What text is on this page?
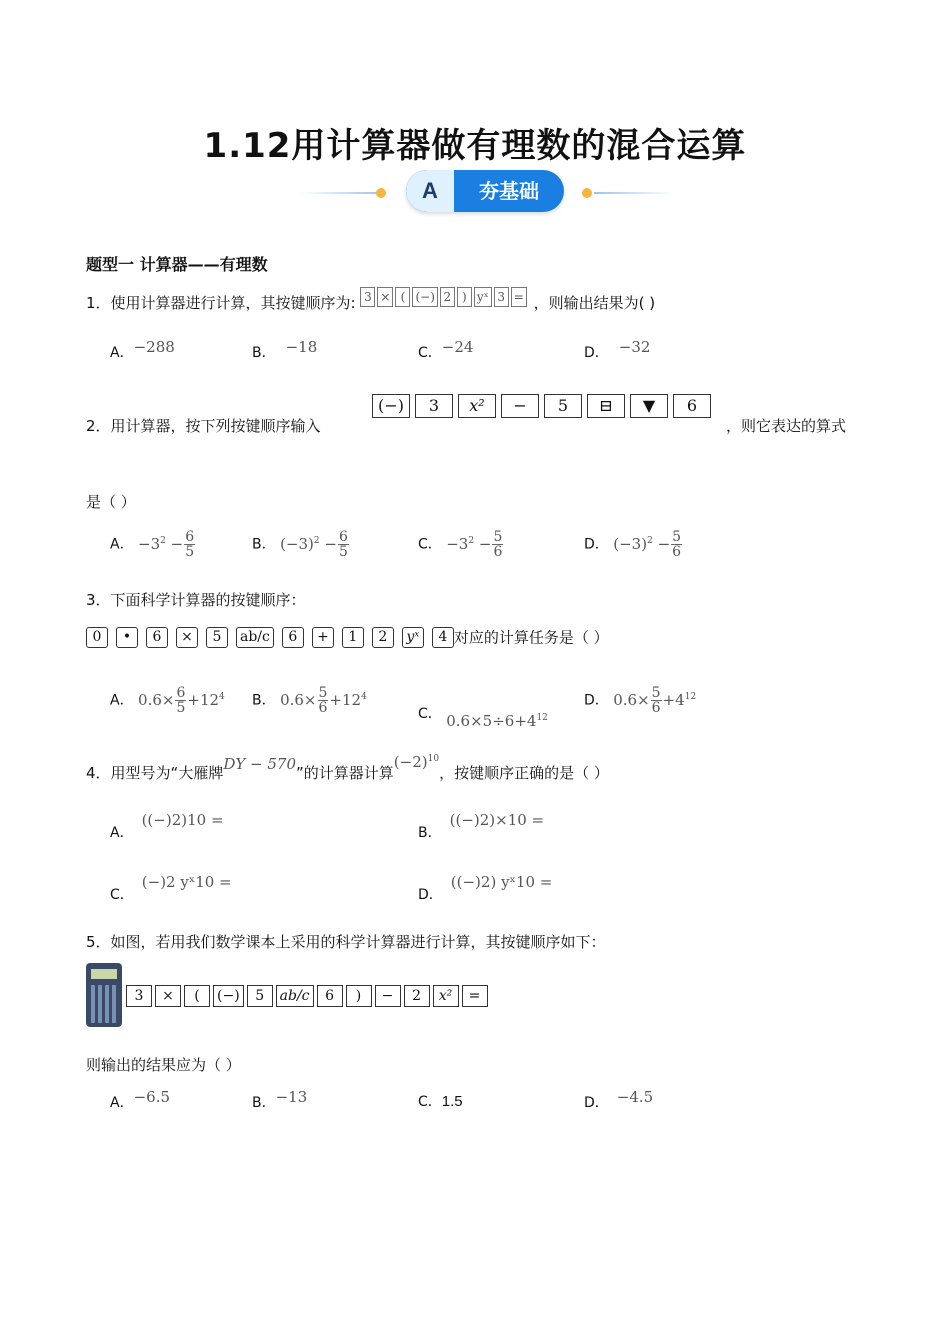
1.12用计算器做有理数的混合运算
A	夯基础
题型一 计算器——有理数
1．使用计算器进行计算，其按键顺序为: 3 × ( (−) 2 ) yˣ 3 = ，则输出结果为( )
A．−288	B． −18	C．−24	D． −32
2．用计算器，按下列按键顺序输入
(−) 3 x² − 5 ⊟ ▼ 6
，则它表达的算式
是（ ）
A． $-3^2 - \frac{6}{5}$	B． $(-3)^2 - \frac{6}{5}$	C． $-3^2 - \frac{5}{6}$	D． $(-3)^2 - \frac{5}{6}$
3．下面科学计算器的按键顺序：
0 • 6 × 5 ab/c 6 + 1 2 yˣ 4 对应的计算任务是（ ）
A． $0.6\times \frac{6}{5} +12^4$ B． $0.6\times \frac{5}{6} +12^4$
C． $0.6\times 5\div 6+4^{12}$
D． $0.6\times \frac{5}{6} +4^{12}$
4．用型号为“大雁牌DY − 570”的计算器计算$(-2)^{10}$，按键顺序正确的是（ ）
A．((−)2)10 =
B．((−)2)×10 =
C．(−)2 yˣ10 =
D．((−)2) yˣ10 =
5．如图，若用我们数学课本上采用的科学计算器进行计算，其按键顺序如下：
3 × ( (−) 5 ab/c 6 ) − 2 x² =
则输出的结果应为（ ）
A．−6.5	B．−13	C．1.5	D． −4.5
